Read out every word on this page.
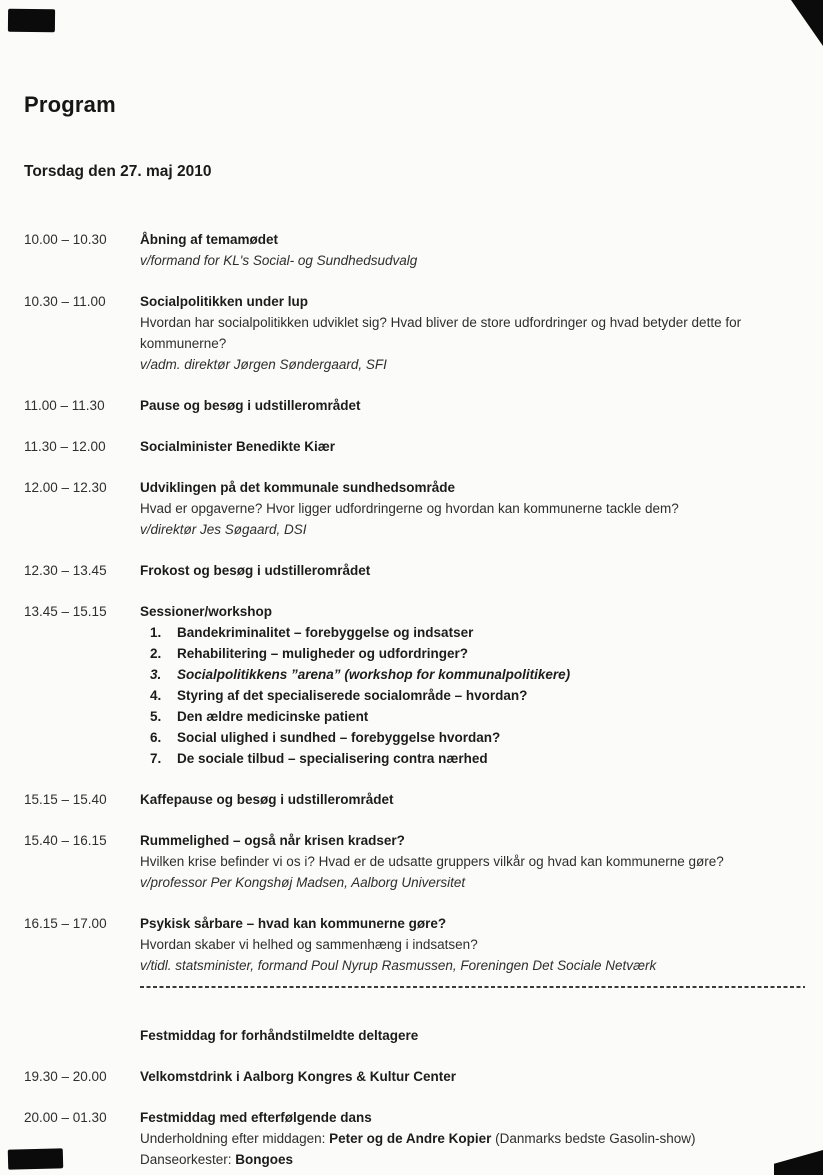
Program
Torsdag den 27. maj 2010
10.00 – 10.30	Åbning af temamødet
v/formand for KL's Social- og Sundhedsudvalg
10.30 – 11.00	Socialpolitikken under lup
Hvordan har socialpolitikken udviklet sig? Hvad bliver de store udfordringer og hvad betyder dette for kommunerne?
v/adm. direktør Jørgen Søndergaard, SFI
11.00 – 11.30	Pause og besøg i udstillerområdet
11.30 – 12.00	Socialminister Benedikte Kiær
12.00 – 12.30	Udviklingen på det kommunale sundhedsområde
Hvad er opgaverne? Hvor ligger udfordringerne og hvordan kan kommunerne tackle dem?
v/direktør Jes Søgaard, DSI
12.30 – 13.45	Frokost og besøg i udstillerområdet
13.45 – 15.15	Sessioner/workshop
1.	Bandekriminalitet – forebyggelse og indsatser
2.	Rehabilitering – muligheder og udfordringer?
3.	Socialpolitikkens ”arena” (workshop for kommunalpolitikere)
4.	Styring af det specialiserede socialområde – hvordan?
5.	Den ældre medicinske patient
6.	Social ulighed i sundhed – forebyggelse hvordan?
7.	De sociale tilbud – specialisering contra nærhed
15.15 – 15.40	Kaffepause og besøg i udstillerområdet
15.40 – 16.15	Rummelighed – også når krisen kradser?
Hvilken krise befinder vi os i? Hvad er de udsatte gruppers vilkår og hvad kan kommunerne gøre?
v/professor Per Kongshøj Madsen, Aalborg Universitet
16.15 – 17.00	Psykisk sårbare – hvad kan kommunerne gøre?
Hvordan skaber vi helhed og sammenhæng i indsatsen?
v/tidl. statsminister, formand Poul Nyrup Rasmussen, Foreningen Det Sociale Netværk
Festmiddag for forhåndstilmeldte deltagere
19.30 – 20.00	Velkomstdrink i Aalborg Kongres & Kultur Center
20.00 – 01.30	Festmiddag med efterfølgende dans
Underholdning efter middagen: Peter og de Andre Kopier (Danmarks bedste Gasolin-show)
Danseorkester: Bongoes
